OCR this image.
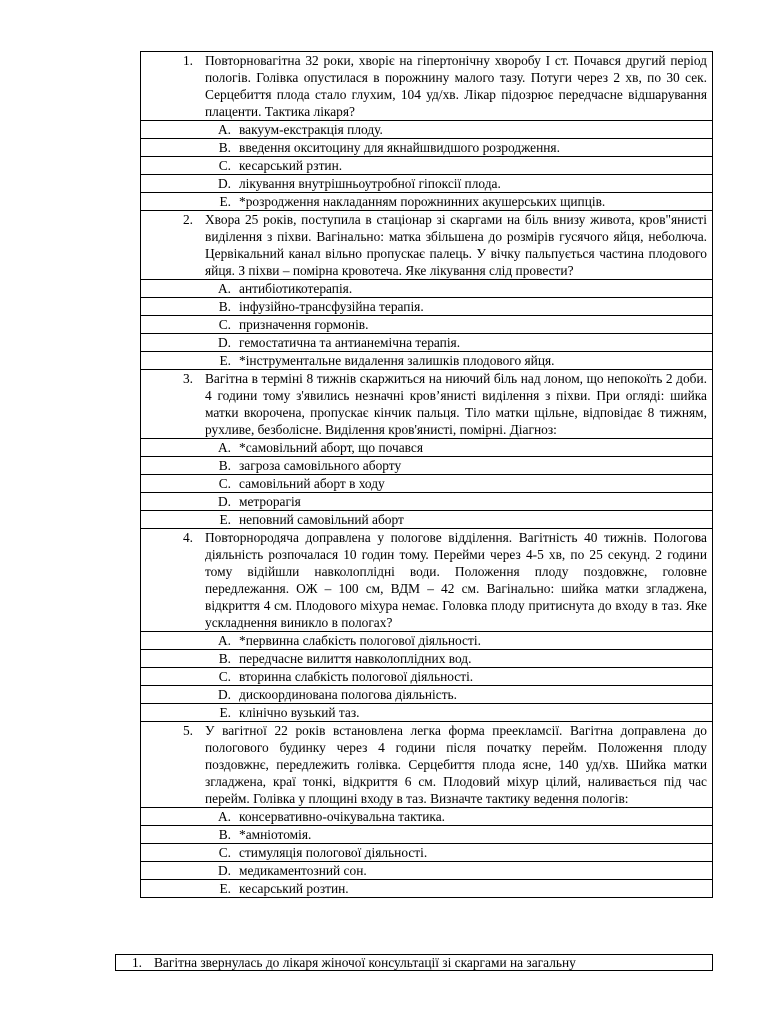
1. Повторновагітна 32 роки, хворіє на гіпертонічну хворобу I ст. Почався другий період пологів. Голівка опустилася в порожнину малого тазу. Потуги через 2 хв, по 30 сек. Серцебиття плода стало глухим, 104 уд/хв. Лікар підозрює передчасне відшарування плаценти. Тактика лікаря?

A. вакуум-екстракція плоду.

B. введення окситоцину для якнайшвидшого розродження.

C. кесарський рзтин.

D. лікування внутрішньоутробної гіпоксії плода.

E. *розродження накладанням порожнинних акушерських щипців.

2. Хвора 25 років, поступила в стаціонар зі скаргами на біль внизу живота, кров"янисті виділення з піхви. Вагінально: матка збільшена до розмірів гусячого яйця, неболюча. Цервікальний канал вільно пропускає палець. У вічку пальпується частина плодового яйця. З піхви – помірна кровотеча. Яке лікування слід провести?

A. антибіотикотерапія.

B. інфузійно-трансфузійна терапія.

C. призначення гормонів.

D. гемостатична та антианемічна терапія.

E. *інструментальне видалення залишків плодового яйця.

3. Вагітна в терміні 8 тижнів скаржиться на ниючий біль над лоном, що непокоїть 2 доби. 4 години тому з'явились незначні кров’янисті виділення з піхви. При огляді: шийка матки вкорочена, пропускає кінчик пальця. Тіло матки щільне, відповідає 8 тижням, рухливе, безболісне. Виділення кров'янисті, помірні. Діагноз:

A. *самовільний аборт, що почався

B. загроза самовільного аборту

C. самовільний аборт в ходу

D. метрорагія

E. неповний самовільний аборт

4. Повторнородяча доправлена у пологове відділення. Вагітність 40 тижнів. Пологова діяльність розпочалася 10 годин тому. Перейми через 4-5 хв, по 25 секунд. 2 години тому відійшли навколоплідні води. Положення плоду поздовжнє, головне передлежання. ОЖ – 100 см, ВДМ – 42 см. Вагінально: шийка матки згладжена, відкриття 4 см. Плодового міхура немає. Головка плоду притиснута до входу в таз. Яке ускладнення виникло в пологах?

A. *первинна слабкість пологової діяльності.

B. передчасне вилиття навколоплідних вод.

C. вторинна слабкість пологової діяльності.

D. дискоординована пологова діяльність.

E. клінічно вузький таз.

5. У вагітної 22 років встановлена легка форма преекламсії. Вагітна доправлена до пологового будинку через 4 години після початку перейм. Положення плоду поздовжнє, передлежить голівка. Серцебиття плода ясне, 140 уд/хв. Шийка матки згладжена, краї тонкі, відкриття 6 см. Плодовий міхур цілий, наливається під час перейм. Голівка у площині входу в таз. Визначте тактику ведення пологів:

A. консервативно-очікувальна тактика.

B. *амніотомія.

C. стимуляція пологової діяльності.

D. медикаментозний сон.

E. кесарський розтин.
1. Вагітна звернулась до лікаря жіночої консультації зі скаргами на загальну
